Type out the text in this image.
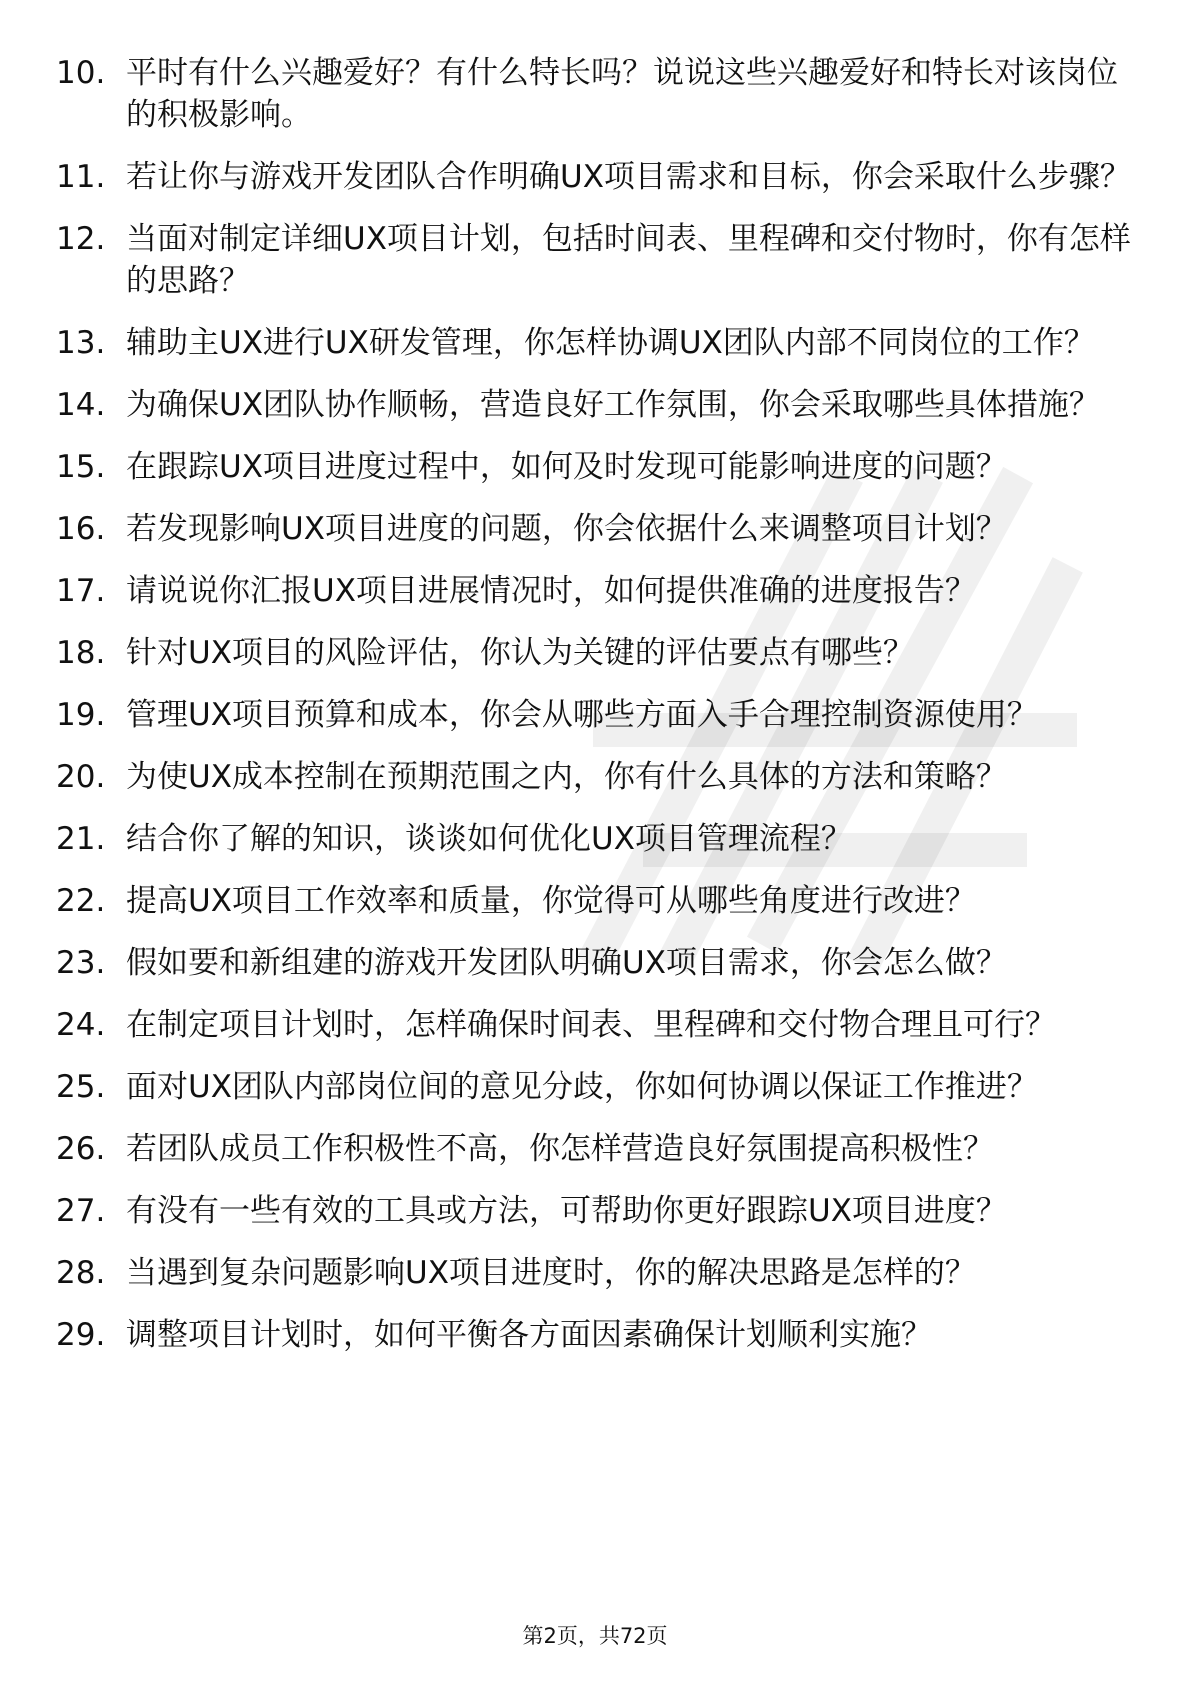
10. 平时有什么兴趣爱好？有什么特长吗？说说这些兴趣爱好和特长对该岗位的积极影响。
11. 若让你与游戏开发团队合作明确UX项目需求和目标，你会采取什么步骤？
12. 当面对制定详细UX项目计划，包括时间表、里程碑和交付物时，你有怎样的思路？
13. 辅助主UX进行UX研发管理，你怎样协调UX团队内部不同岗位的工作？
14. 为确保UX团队协作顺畅，营造良好工作氛围，你会采取哪些具体措施？
15. 在跟踪UX项目进度过程中，如何及时发现可能影响进度的问题？
16. 若发现影响UX项目进度的问题，你会依据什么来调整项目计划？
17. 请说说你汇报UX项目进展情况时，如何提供准确的进度报告？
18. 针对UX项目的风险评估，你认为关键的评估要点有哪些？
19. 管理UX项目预算和成本，你会从哪些方面入手合理控制资源使用？
20. 为使UX成本控制在预期范围之内，你有什么具体的方法和策略？
21. 结合你了解的知识，谈谈如何优化UX项目管理流程？
22. 提高UX项目工作效率和质量，你觉得可从哪些角度进行改进？
23. 假如要和新组建的游戏开发团队明确UX项目需求，你会怎么做？
24. 在制定项目计划时，怎样确保时间表、里程碑和交付物合理且可行？
25. 面对UX团队内部岗位间的意见分歧，你如何协调以保证工作推进？
26. 若团队成员工作积极性不高，你怎样营造良好氛围提高积极性？
27. 有没有一些有效的工具或方法，可帮助你更好跟踪UX项目进度？
28. 当遇到复杂问题影响UX项目进度时，你的解决思路是怎样的？
29. 调整项目计划时，如何平衡各方面因素确保计划顺利实施？
第2页，共72页
